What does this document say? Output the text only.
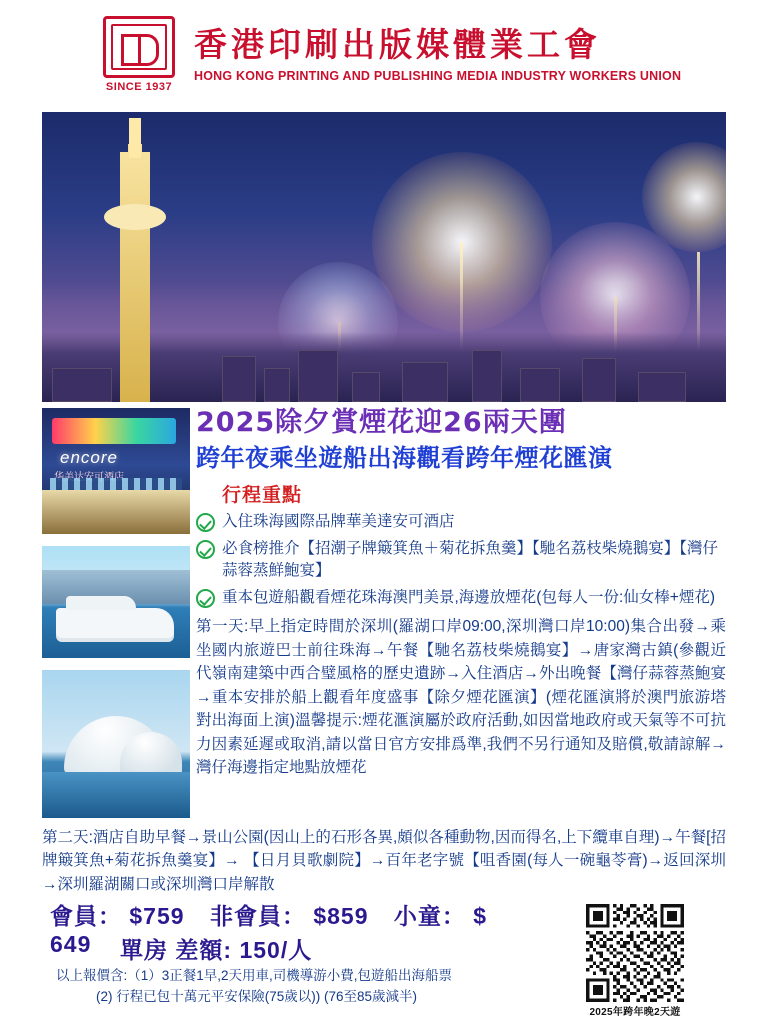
SINCE 1937
香港印刷出版媒體業工會
HONG KONG PRINTING AND PUBLISHING MEDIA INDUSTRY WORKERS UNION
encore
2025除夕賞煙花迎26兩天團
跨年夜乘坐遊船出海觀看跨年煙花匯演
行程重點
入住珠海國際品牌華美達安可酒店
必食榜推介【招潮子牌簸箕魚＋菊花拆魚羹】【馳名荔枝柴燒鵝宴】【灣仔蒜蓉蒸鮮鮑宴】
重本包遊船觀看煙花珠海澳門美景,海邊放煙花(包每人一份:仙女棒+煙花)
第一天:早上指定時間於深圳(羅湖口岸09:00,深圳灣口岸10:00)集合出發→乘坐國内旅遊巴士前往珠海→午餐【馳名荔枝柴燒鵝宴】→唐家灣古鎮(參觀近代嶺南建築中西合璧風格的歷史遺跡→入住酒店→外出晚餐【灣仔蒜蓉蒸鮑宴→重本安排於船上觀看年度盛事【除夕煙花匯演】(煙花匯演將於澳門旅游塔對出海面上演)溫馨提示:煙花滙演屬於政府活動,如因當地政府或天氣等不可抗力因素延遲或取消,請以當日官方安排爲準,我們不另行通知及賠償,敬請諒解→灣仔海邊指定地點放煙花
第二天:酒店自助早餐→景山公園(因山上的石形各異,頗似各種動物,因而得名,上下纜車自理)→午餐[招牌簸箕魚+菊花拆魚羹宴】→ 【日月貝歌劇院】→百年老字號【咀香園(每人一碗龜苓膏)→返回深圳→深圳羅湖關口或深圳灣口岸解散
會員： $759 非會員： $859 小童： $ 649	單房 差額: 150/人
以上報價含:（1）3正餐1早,2天用車,司機導游小費,包遊船出海船票
(2) 行程已包十萬元平安保險(75歲以)) (76至85歲減半)
2025年跨年晚2天遊
